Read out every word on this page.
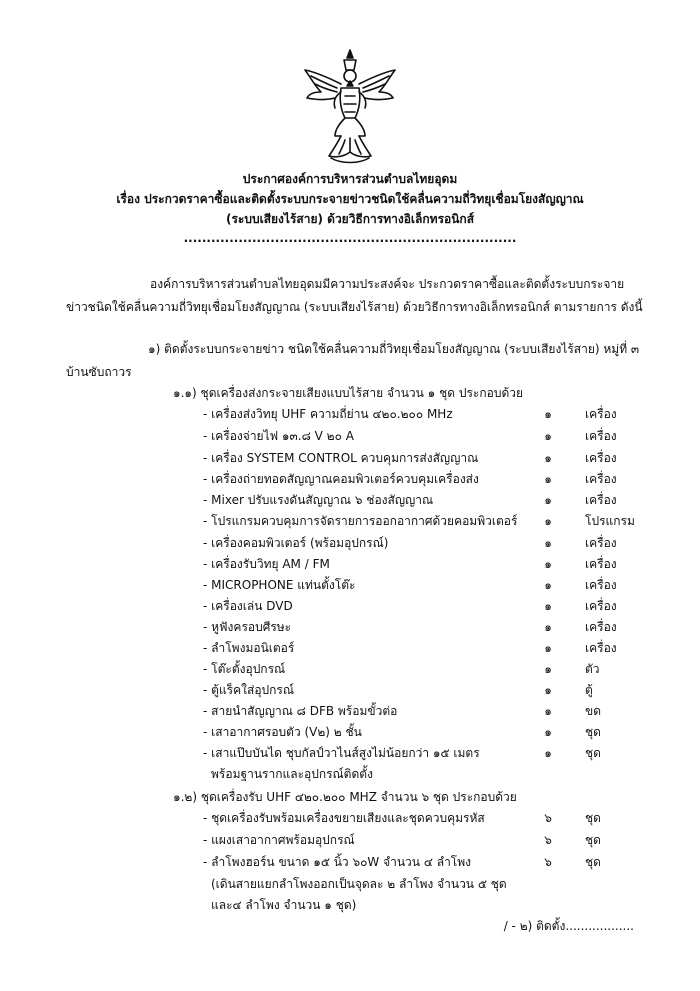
ประกาศองค์การบริหารส่วนตำบลไทยอุดม
เรื่อง ประกวดราคาซื้อและติดตั้งระบบกระจายข่าวชนิดใช้คลื่นความถี่วิทยุเชื่อมโยงสัญญาณ
(ระบบเสียงไร้สาย) ด้วยวิธีการทางอิเล็กทรอนิกส์
.........................................................................
องค์การบริหารส่วนตำบลไทยอุดมมีความประสงค์จะ ประกวดราคาซื้อและติดตั้งระบบกระจาย
ข่าวชนิดใช้คลื่นความถี่วิทยุเชื่อมโยงสัญญาณ (ระบบเสียงไร้สาย) ด้วยวิธีการทางอิเล็กทรอนิกส์ ตามรายการ ดังนี้
๑) ติดตั้งระบบกระจายข่าว ชนิดใช้คลื่นความถี่วิทยุเชื่อมโยงสัญญาณ (ระบบเสียงไร้สาย) หมู่ที่ ๓
บ้านซับถาวร
๑.๑) ชุดเครื่องส่งกระจายเสียงแบบไร้สาย จำนวน ๑ ชุด ประกอบด้วย
- เครื่องส่งวิทยุ UHF ความถี่ย่าน ๔๒๐.๒๐๐ MHz	๑	เครื่อง
- เครื่องจ่ายไฟ ๑๓.๘ V ๒๐ A	๑	เครื่อง
- เครื่อง SYSTEM CONTROL ควบคุมการส่งสัญญาณ	๑	เครื่อง
- เครื่องถ่ายทอดสัญญาณคอมพิวเตอร์ควบคุมเครื่องส่ง	๑	เครื่อง
- Mixer ปรับแรงดันสัญญาณ ๖ ช่องสัญญาณ	๑	เครื่อง
- โปรแกรมควบคุมการจัดรายการออกอากาศด้วยคอมพิวเตอร์ ๑	โปรแกรม
- เครื่องคอมพิวเตอร์ (พร้อมอุปกรณ์)	๑	เครื่อง
- เครื่องรับวิทยุ AM / FM	๑	เครื่อง
- MICROPHONE แท่นตั้งโต๊ะ	๑	เครื่อง
- เครื่องเล่น DVD	๑	เครื่อง
- หูฟังครอบศีรษะ	๑	เครื่อง
- ลำโพงมอนิเตอร์	๑	เครื่อง
- โต๊ะตั้งอุปกรณ์	๑	ตัว
- ตู้แร็คใส่อุปกรณ์	๑	ตู้
- สายนำสัญญาณ ๘ DFB พร้อมขั้วต่อ	๑	ขด
- เสาอากาศรอบตัว (V๒) ๒ ชั้น	๑	ชุด
- เสาแป๊บบันได ชุบกัลป์วาไนส์สูงไม่น้อยกว่า ๑๕ เมตร	๑	ชุด
พร้อมฐานรากและอุปกรณ์ติดตั้ง
๑.๒) ชุดเครื่องรับ UHF ๔๒๐.๒๐๐ MHZ จำนวน ๖ ชุด ประกอบด้วย
- ชุดเครื่องรับพร้อมเครื่องขยายเสียงและชุดควบคุมรหัส	๖	ชุด
- แผงเสาอากาศพร้อมอุปกรณ์	๖	ชุด
- ลำโพงฮอร์น ขนาด ๑๕ นิ้ว ๖๐W จำนวน ๔ ลำโพง	๖	ชุด
(เดินสายแยกลำโพงออกเป็นจุดละ ๒ ลำโพง จำนวน ๕ ชุด
และ๔ ลำโพง จำนวน ๑ ชุด)
/ - ๒) ติดตั้ง..................
